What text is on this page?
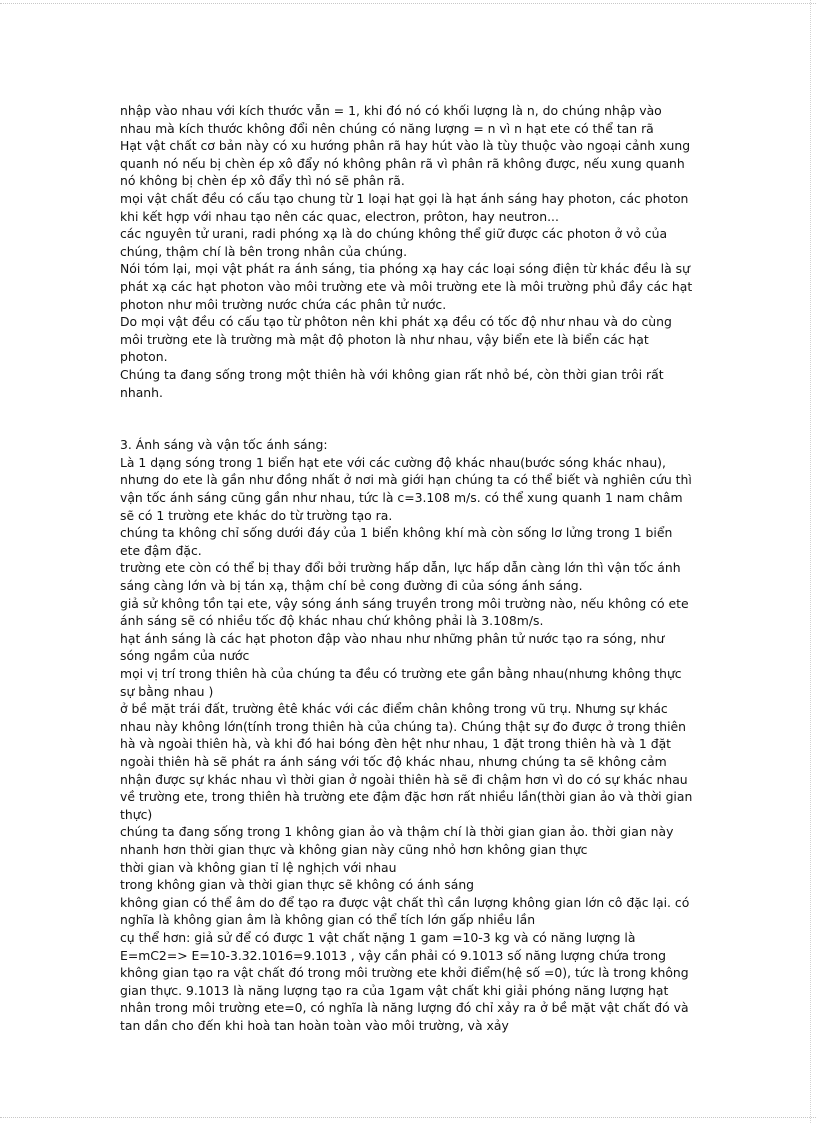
nhập vào nhau với kích thước vẫn = 1, khi đó nó có khối lượng là n, do chúng nhập vào nhau mà kích thước không đổi nên chúng có năng lượng = n vì n hạt ete có thể tan rã

Hạt vật chất cơ bản này có xu hướng phân rã hay hút vào là tùy thuộc vào ngoại cảnh xung quanh nó nếu bị chèn ép xô đẩy nó không phân rã vì phân rã không được, nếu xung quanh nó không bị chèn ép xô đẩy thì nó sẽ phân rã.

mọi vật chất đều có cấu tạo chung từ 1 loại hạt gọi là hạt ánh sáng hay photon, các photon khi kết hợp với nhau tạo nên các quac, electron, prôton, hay neutron...

các nguyên tử urani, radi phóng xạ là do chúng không thể giữ được các photon ở vỏ của chúng, thậm chí là bên trong nhân của chúng.

Nói tóm lại, mọi vật phát ra ánh sáng, tia phóng xạ hay các loại sóng điện từ khác đều là sự phát xạ các hạt photon vào môi trường ete và môi trường ete là môi trường phủ đầy các hạt photon như môi trường nước chứa các phân tử nước.

Do mọi vật đều có cấu tạo từ phôton nên khi phát xạ đều có tốc độ như nhau và do cùng môi trường ete là trường mà mật độ photon là như nhau, vậy biển ete là biển các hạt photon.

Chúng ta đang sống trong một thiên hà với không gian rất nhỏ bé, còn thời gian trôi rất nhanh.

3. Ánh sáng và vận tốc ánh sáng:

Là 1 dạng sóng trong 1 biển hạt ete với các cường độ khác nhau(bước sóng khác nhau), nhưng do ete là gần như đồng nhất ở nơi mà giới hạn chúng ta có thể biết và nghiên cứu thì vận tốc ánh sáng cũng gần như nhau, tức là c=3.108 m/s. có thể xung quanh 1 nam châm sẽ có 1 trường ete khác do từ trường tạo ra.

chúng ta không chỉ sống dưới đáy của 1 biển không khí mà còn sống lơ lửng trong 1 biển ete đậm đặc.

trường ete còn có thể bị thay đổi bởi trường hấp dẫn, lực hấp dẫn càng lớn thì vận tốc ánh sáng càng lớn và bị tán xạ, thậm chí bẻ cong đường đi của sóng ánh sáng.

giả sử không tồn tại ete, vậy sóng ánh sáng truyền trong môi trường nào, nếu không có ete ánh sáng sẽ có nhiều tốc độ khác nhau chứ không phải là 3.108m/s.

hạt ánh sáng là các hạt photon đập vào nhau như những phân tử nước tạo ra sóng, như sóng ngầm của nước

mọi vị trí trong thiên hà của chúng ta đều có trường ete gần bằng nhau(nhưng không thực sự bằng nhau )

ở bề mặt trái đất, trường êtê khác với các điểm chân không trong vũ trụ. Nhưng sự khác nhau này không lớn(tính trong thiên hà của chúng ta). Chúng thật sự đo được ở trong thiên hà và ngoài thiên hà, và khi đó hai bóng đèn hệt như nhau, 1 đặt trong thiên hà và 1 đặt ngoài thiên hà sẽ phát ra ánh sáng với tốc độ khác nhau, nhưng chúng ta sẽ không cảm nhận được sự khác nhau vì thời gian ở ngoài thiên hà sẽ đi chậm hơn vì do có sự khác nhau về trường ete, trong thiên hà trường ete đậm đặc hơn rất nhiều lần(thời gian ảo và thời gian thực)

chúng ta đang sống trong 1 không gian ảo và thậm chí là thời gian gian ảo. thời gian này nhanh hơn thời gian thực và không gian này cũng nhỏ hơn không gian thực

thời gian và không gian tỉ lệ nghịch với nhau

trong không gian và thời gian thực sẽ không có ánh sáng

không gian có thể âm do để tạo ra được vật chất thì cần lượng không gian lớn cô đặc lại. có nghĩa là không gian âm là không gian có thể tích lớn gấp nhiều lần

cụ thể hơn: giả sử để có được 1 vật chất nặng 1 gam =10-3 kg và có năng lượng là E=mC2=> E=10-3.32.1016=9.1013 , vậy cần phải có 9.1013 số năng lượng chứa trong không gian tạo ra vật chất đó trong môi trường ete khởi điểm(hệ số =0), tức là trong không gian thực. 9.1013 là năng lượng tạo ra của 1gam vật chất khi giải phóng năng lượng hạt nhân trong môi trường ete=0, có nghĩa là năng lượng đó chỉ xảy ra ở bề mặt vật chất đó và tan dần cho đến khi hoà tan hoàn toàn vào môi trường, và xảy
